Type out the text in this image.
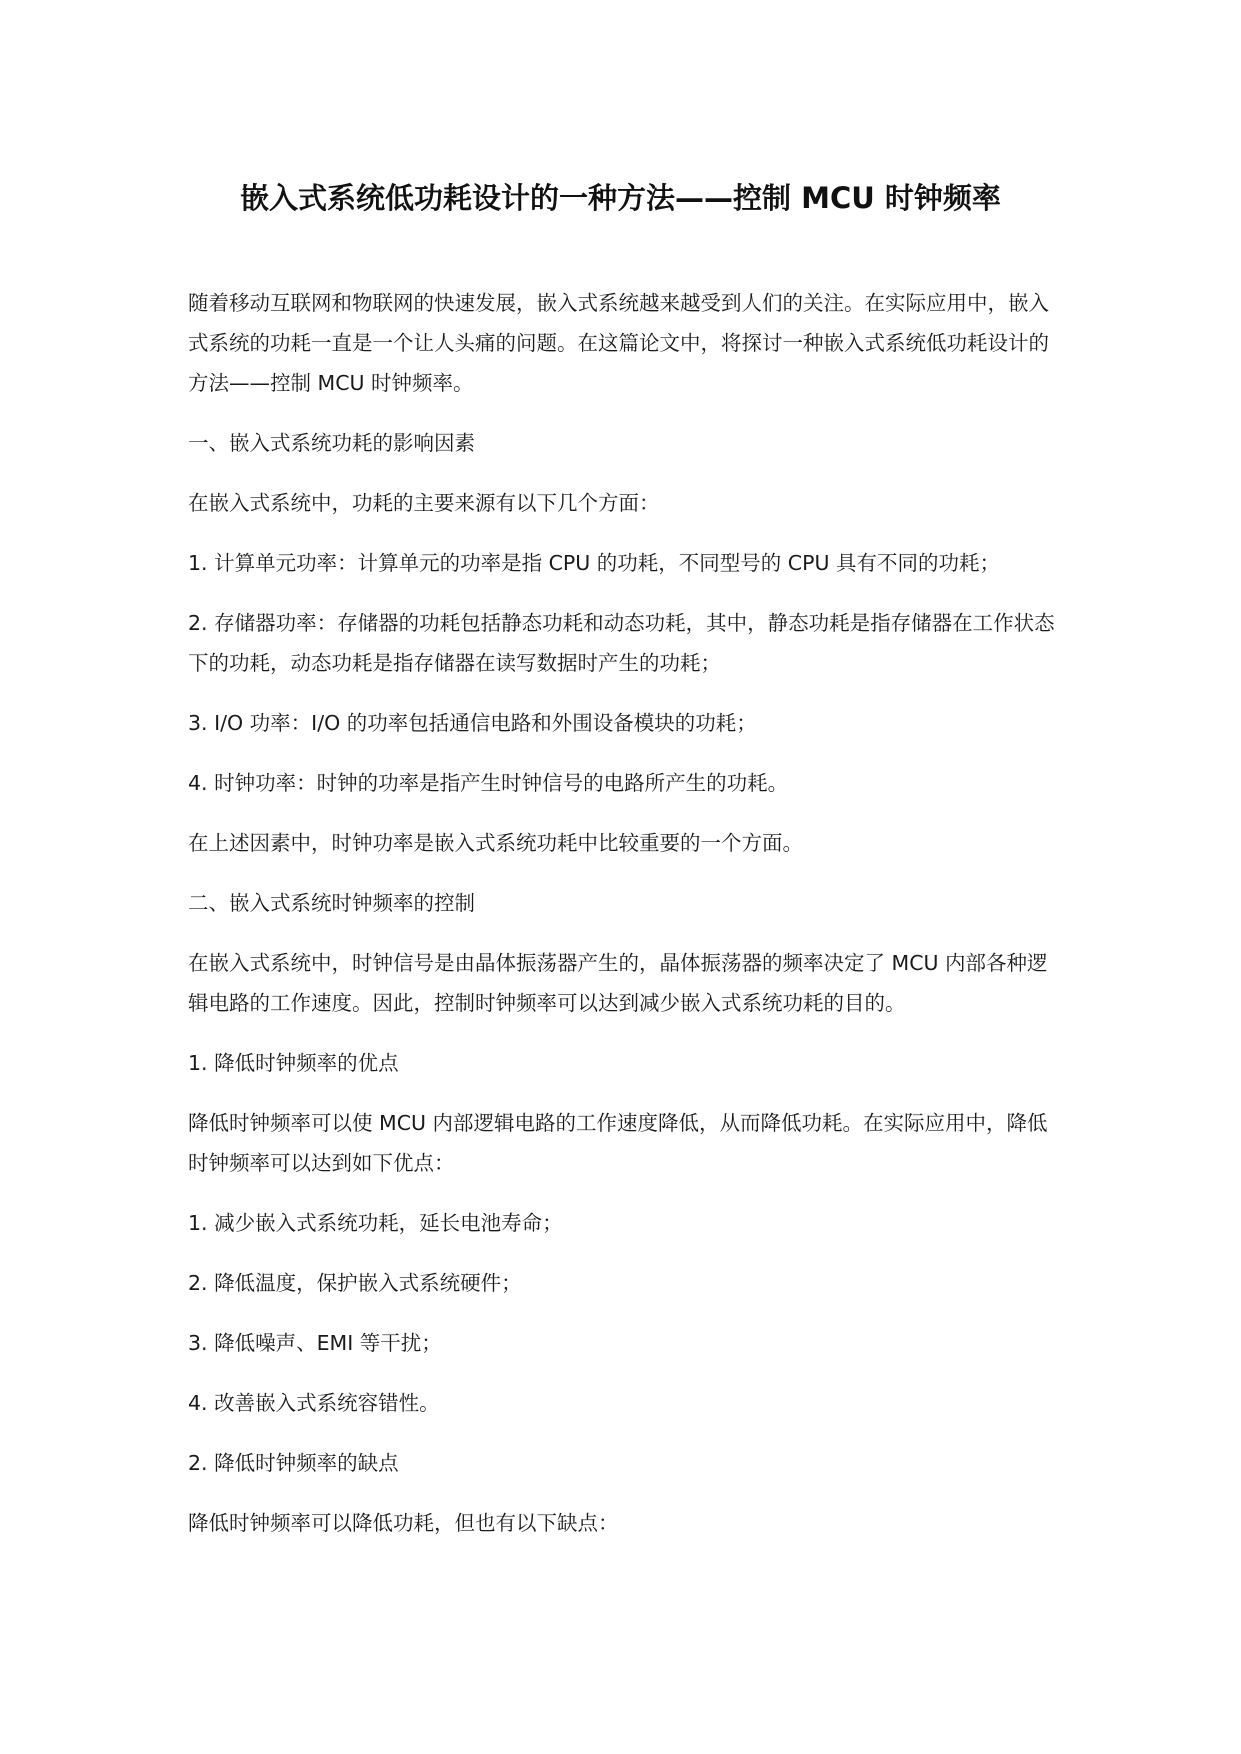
嵌入式系统低功耗设计的一种方法——控制 MCU 时钟频率

随着移动互联网和物联网的快速发展，嵌入式系统越来越受到人们的关注。在实际应用中，嵌入式系统的功耗一直是一个让人头痛的问题。在这篇论文中，将探讨一种嵌入式系统低功耗设计的方法——控制 MCU 时钟频率。

一、嵌入式系统功耗的影响因素

在嵌入式系统中，功耗的主要来源有以下几个方面：

1. 计算单元功率：计算单元的功率是指 CPU 的功耗，不同型号的 CPU 具有不同的功耗；

2. 存储器功率：存储器的功耗包括静态功耗和动态功耗，其中，静态功耗是指存储器在工作状态下的功耗，动态功耗是指存储器在读写数据时产生的功耗；

3. I/O 功率：I/O 的功率包括通信电路和外围设备模块的功耗；

4. 时钟功率：时钟的功率是指产生时钟信号的电路所产生的功耗。

在上述因素中，时钟功率是嵌入式系统功耗中比较重要的一个方面。

二、嵌入式系统时钟频率的控制

在嵌入式系统中，时钟信号是由晶体振荡器产生的，晶体振荡器的频率决定了 MCU 内部各种逻辑电路的工作速度。因此，控制时钟频率可以达到减少嵌入式系统功耗的目的。

1. 降低时钟频率的优点

降低时钟频率可以使 MCU 内部逻辑电路的工作速度降低，从而降低功耗。在实际应用中，降低时钟频率可以达到如下优点：

1. 减少嵌入式系统功耗，延长电池寿命；

2. 降低温度，保护嵌入式系统硬件；

3. 降低噪声、EMI 等干扰；

4. 改善嵌入式系统容错性。

2. 降低时钟频率的缺点

降低时钟频率可以降低功耗，但也有以下缺点：
